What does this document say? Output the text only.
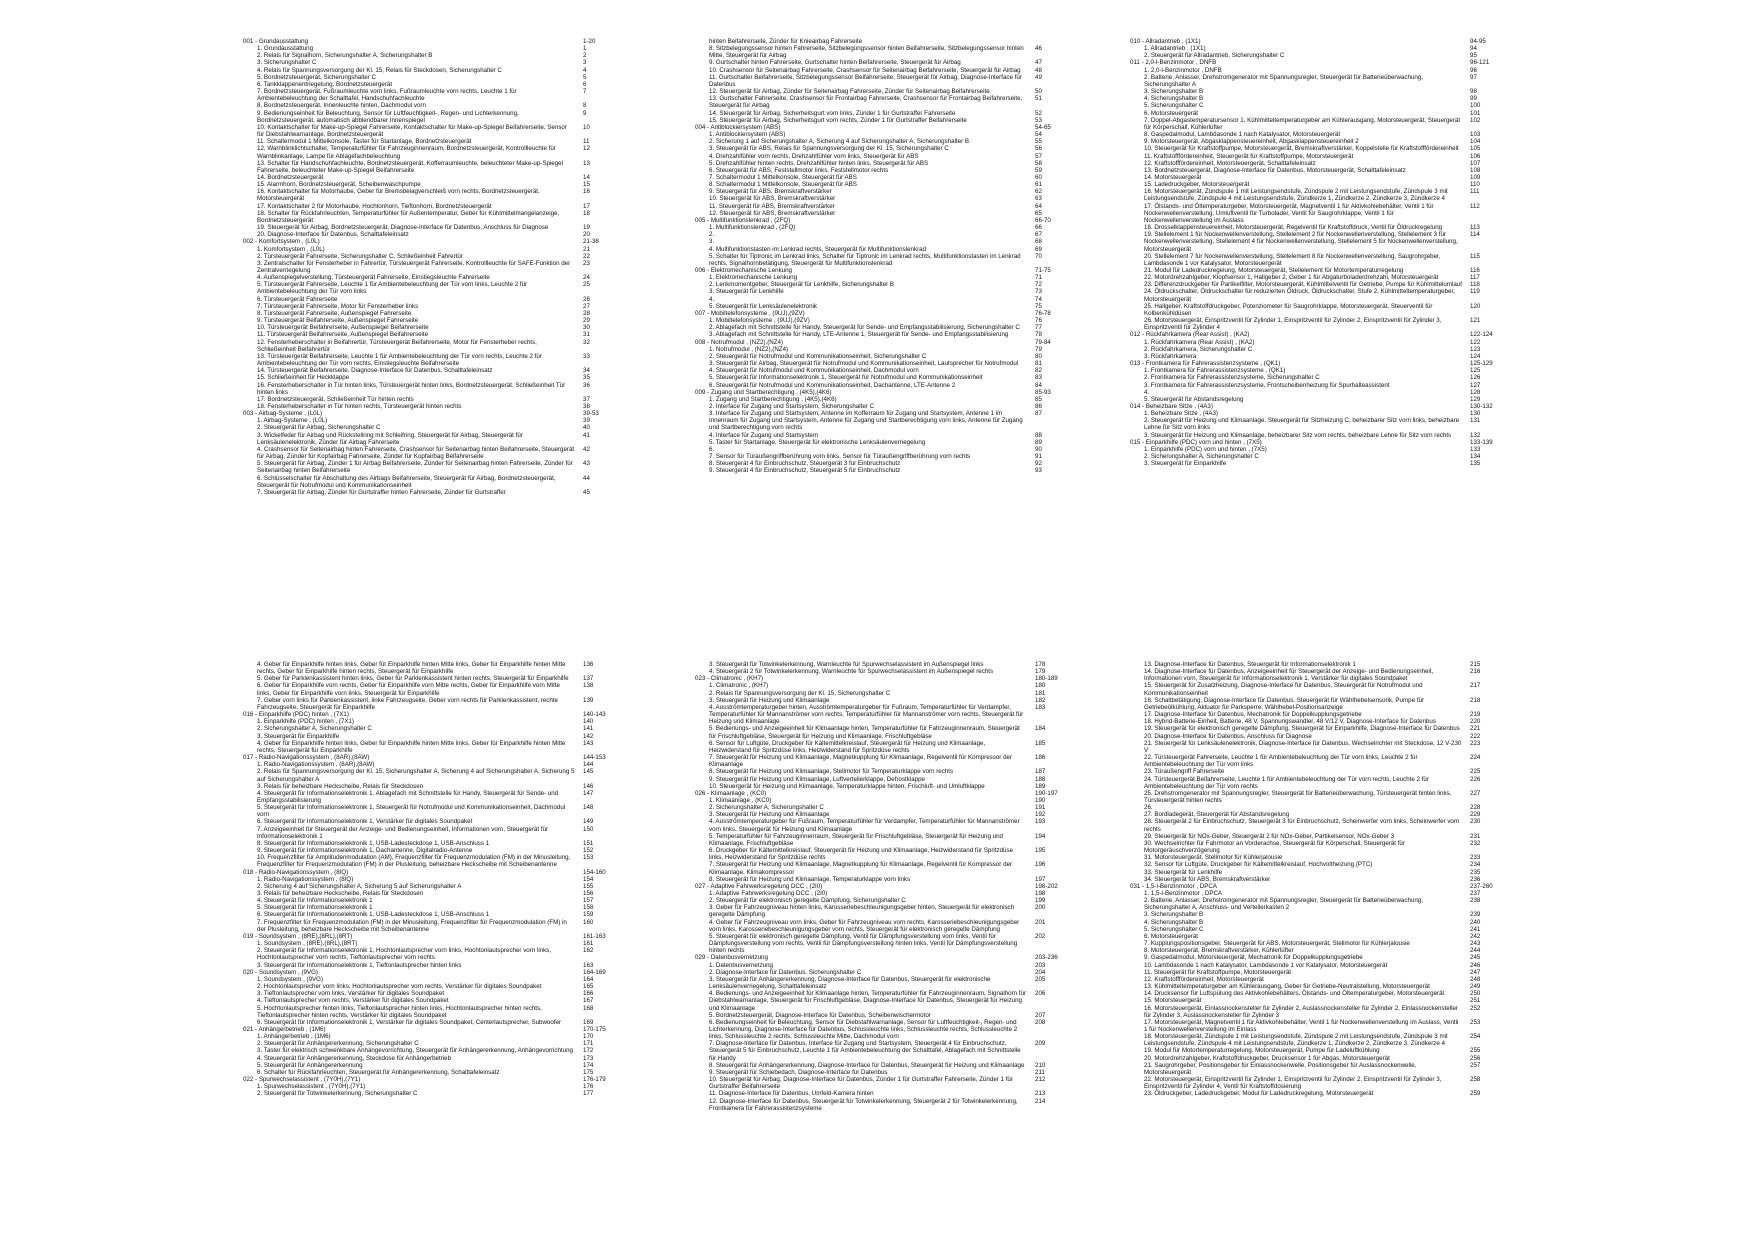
001 - Grundausstattung	1-20
1. Grundausstattung	1
2. Relais für Signalhorn, Sicherungshalter A, Sicherungshalter B	2
3. Sicherungshalter C	3
4. Relais für Spannungsversorgung der Kl. 15, Relais für Steckdosen, Sicherungshalter C	4
5. Bordnetzsteuergerät, Sicherungshalter C	5
6. Tankklappenentriegelung, Bordnetzsteuergerät	6
7. Bordnetzsteuergerät, Fußraumleuchte vorn links, Fußraumleuchte vorn rechts, Leuchte 1 für Ambientebeleuchtung der Schalttafel, Handschuhfachleuchte
7
8. Bordnetzsteuergerät, Innenleuchte hinten, Dachmodul vorn	8
9. Bedienungseinheit für Beleuchtung, Sensor für Luftfeuchtigkeit-, Regen- und Lichterkennung, Bordnetzsteuergerät, automatisch abblendbarer Innenspiegel
9
10. Kontaktschalter für Make-up-Spiegel Fahrerseite, Kontaktschalter für Make-up-Spiegel Beifahrerseite, Sensor für Diebstahlwarnanlage, Bordnetzsteuergerät
10
11. Schaltermodul 1 Mittelkonsole, Taster für Startanlage, Bordnetzsteuergerät	11
12. Warnblinklichtschalter, Temperaturfühler für Fahrzeuginnenraum, Bordnetzsteuergerät, Kontrollleuchte für Warnblinkanlage, Lampe für Ablagefachbeleuchtung
12
13. Schalter für Handschuhfachleuchte, Bordnetzsteuergerät, Kofferraumleuchte, beleuchteter Make-up-Spiegel Fahrerseite, beleuchteter Make-up-Spiegel Beifahrerseite
13
14. Bordnetzsteuergerät	14
15. Alarmhorn, Bordnetzsteuergerät, Scheibenwaschpumpe	15
16. Kontaktschalter für Motorhaube, Geber für Bremsbelagverschleiß vorn rechts, Bordnetzsteuergerät, Motorsteuergerät
16
17. Kontaktschalter 2 für Motorhaube, Hochtonhorn, Tieftonhorn, Bordnetzsteuergerät	17
18. Schalter für Rückfahrleuchten, Temperaturfühler für Außentemperatur, Geber für Kühlmittelmangelanzeige, Bordnetzsteuergerät
18
19. Steuergerät für Airbag, Bordnetzsteuergerät, Diagnose-Interface für Datenbus, Anschluss für Diagnose	19
20. Diagnose-Interface für Datenbus, Schalttafeleinsatz	20
002 - Komfortsystem , (L0L)	21-38
1. Komfortsystem , (L0L)	21
2. Türsteuergerät Fahrerseite, Sicherungshalter C, Schließeinheit Fahrertür	22
3. Zentralschalter für Fensterheber in Fahrertür, Türsteuergerät Fahrerseite, Kontrollleuchte für SAFE-Funktion der Zentralverriegelung
23
4. Außenspiegelverstellung, Türsteuergerät Fahrerseite, Einstiegsleuchte Fahrerseite	24
5. Türsteuergerät Fahrerseite, Leuchte 1 für Ambientebeleuchtung der Tür vorn links, Leuchte 2 für Ambientebeleuchtung der Tür vorn links
25
6. Türsteuergerät Fahrerseite	26
7. Türsteuergerät Fahrerseite, Motor für Fensterheber links	27
8. Türsteuergerät Fahrerseite, Außenspiegel Fahrerseite	28
9. Türsteuergerät Beifahrerseite, Außenspiegel Fahrerseite	29
10. Türsteuergerät Beifahrerseite, Außenspiegel Beifahrerseite	30
11. Türsteuergerät Beifahrerseite, Außenspiegel Beifahrerseite	31
12. Fensterheberschalter in Beifahrertür, Türsteuergerät Beifahrerseite, Motor für Fensterheber rechts, Schließeinheit Beifahrertür
32
13. Türsteuergerät Beifahrerseite, Leuchte 1 für Ambientebeleuchtung der Tür vorn rechts, Leuchte 2 für Ambientebeleuchtung der Tür vorn rechts, Einstiegsleuchte Beifahrerseite
33
14. Türsteuergerät Beifahrerseite, Diagnose-Interface für Datenbus, Schalttafeleinsatz	34
15. Schließeinheit für Heckklappe	35
16. Fensterheberschalter in Tür hinten links, Türsteuergerät hinten links, Bordnetzsteuergerät, Schließeinheit Tür hinten links
36
17. Bordnetzsteuergerät, Schließeinheit Tür hinten rechts	37
18. Fensterheberschalter in Tür hinten rechts, Türsteuergerät hinten rechts	38
003 - Airbag-Systeme , (L0L)	39-53
1. Airbag-Systeme , (L0L)	39
2. Steuergerät für Airbag, Sicherungshalter C	40
3. Wickelfeder für Airbag und Rückstellring mit Schleifring, Steuergerät für Airbag, Steuergerät für Lenksäulenelektronik, Zünder für Airbag Fahrerseite
41
4. Crashsensor für Seitenairbag hinten Fahrerseite, Crashsensor für Seitenairbag hinten Beifahrerseite, Steuergerät für Airbag, Zünder für Kopfairbag Fahrerseite, Zünder für Kopfairbag Beifahrerseite
42
5. Steuergerät für Airbag, Zünder 1 für Airbag Beifahrerseite, Zünder für Seitenairbag hinten Fahrerseite, Zünder für Seitenairbag hinten Beifahrerseite
43
6. Schlüsselschalter für Abschaltung des Airbags Beifahrerseite, Steuergerät für Airbag, Bordnetzsteuergerät, Steuergerät für Notrufmodul und Kommunikationseinheit
44
7. Steuergerät für Airbag, Zünder für Gurtstraffer hinten Fahrerseite, Zünder für Gurtstraffer	45
hinten Beifahrerseite, Zünder für Knieairbag Fahrerseite
8. Sitzbelegungssensor hinten Fahrerseite, Sitzbelegungssensor hinten Beifahrerseite, Sitzbelegungssensor hinten Mitte, Steuergerät für Airbag
46
9. Gurtschalter hinten Fahrerseite, Gurtschalter hinten Beifahrerseite, Steuergerät für Airbag	47
10. Crashsensor für Seitenairbag Fahrerseite, Crashsensor für Seitenairbag Beifahrerseite, Steuergerät für Airbag	48
11. Gurtschalter Beifahrerseite, Sitzbelegungssensor Beifahrerseite, Steuergerät für Airbag, Diagnose-Interface für Datenbus
49
12. Steuergerät für Airbag, Zünder für Seitenairbag Fahrerseite, Zünder für Seitenairbag Beifahrerseite	50
13. Gurtschalter Fahrerseite, Crashsensor für Frontairbag Fahrerseite, Crashsensor für Frontairbag Beifahrerseite, Steuergerät für Airbag
51
14. Steuergerät für Airbag, Sicherheitsgurt vorn links, Zünder 1 für Gurtstraffer Fahrerseite	52
15. Steuergerät für Airbag, Sicherheitsgurt vorn rechts, Zünder 1 für Gurtstraffer Beifahrerseite	53
004 - Antiblockiersystem (ABS)	54-65
1. Antiblockiersystem (ABS)	54
2. Sicherung 1 auf Sicherungshalter A, Sicherung 4 auf Sicherungshalter A, Sicherungshalter B	55
3. Steuergerät für ABS, Relais für Spannungsversorgung der Kl. 15, Sicherungshalter C	56
4. Drehzahlfühler vorn rechts, Drehzahlfühler vorn links, Steuergerät für ABS	57
5. Drehzahlfühler hinten rechts, Drehzahlfühler hinten links, Steuergerät für ABS	58
6. Steuergerät für ABS, Feststellmotor links, Feststellmotor rechts	59
7. Schaltermodul 1 Mittelkonsole, Steuergerät für ABS	60
8. Schaltermodul 1 Mittelkonsole, Steuergerät für ABS	61
9. Steuergerät für ABS, Bremskraftverstärker	62
10. Steuergerät für ABS, Bremskraftverstärker	63
11. Steuergerät für ABS, Bremskraftverstärker	64
12. Steuergerät für ABS, Bremskraftverstärker	65
005 - Multifunktionslenkrad , (2FQ)	66-70
1. Multifunktionslenkrad , (2FQ)	66
2.	67
3.	68
4. Multifunktionstasten im Lenkrad rechts, Steuergerät für Multifunktionslenkrad	69
5. Schalter für Tiptronic im Lenkrad links, Schalter für Tiptronic im Lenkrad rechts, Multifunktionstasten im Lenkrad rechts, Signalhornbetätigung, Steuergerät für Multifunktionslenkrad
70
006 - Elektromechanische Lenkung	71-75
1. Elektromechanische Lenkung	71
2. Lenkmomentgeber, Steuergerät für Lenkhilfe, Sicherungshalter B	72
3. Steuergerät für Lenkhilfe	73
4.	74
5. Steuergerät für Lenksäulenelektronik	75
007 - Mobiltelefonsysteme , (9UJ),(9ZV)	76-78
1. Mobiltelefonsysteme , (9UJ),(9ZV)	76
2. Ablagefach mit Schnittstelle für Handy, Steuergerät für Sende- und Empfangsstabilisierung, Sicherungshalter C	77
3. Ablagefach mit Schnittstelle für Handy, LTE-Antenne 1, Steuergerät für Sende- und Empfangsstabilisierung	78
008 - Notrufmodul , (NZ2),(NZ4)	79-84
1. Notrufmodul , (NZ2),(NZ4)	79
2. Steuergerät für Notrufmodul und Kommunikationseinheit, Sicherungshalter C	80
3. Steuergerät für Airbag, Steuergerät für Notrufmodul und Kommunikationseinheit, Lautsprecher für Notrufmodul	81
4. Steuergerät für Notrufmodul und Kommunikationseinheit, Dachmodul vorn	82
5. Steuergerät für Informationselektronik 1, Steuergerät für Notrufmodul und Kommunikationseinheit	83
6. Steuergerät für Notrufmodul und Kommunikationseinheit, Dachantenne, LTE-Antenne 2	84
009 - Zugang und Startberechtigung , (4K5),(4K6)	85-93
1. Zugang und Startberechtigung , (4K5),(4K6)	85
2. Interface für Zugang und Startsystem, Sicherungshalter C	86
3. Interface für Zugang und Startsystem, Antenne im Kofferraum für Zugang und Startsystem, Antenne 1 im Innenraum für Zugang und Startsystem, Antenne für Zugang und Startberechtigung vorn links, Antenne für Zugang und Startberechtigung vorn rechts
87
4. Interface für Zugang und Startsystem	88
5. Taster für Startanlage, Steuergerät für elektronische Lenksäulenverriegelung	89
6.	90
7. Sensor für Türaußengriffberührung vorn links, Sensor für Türaußengriffberührung vorn rechts	91
8. Steuergerät 4 für Einbruchschutz, Steuergerät 3 für Einbruchschutz	92
9. Steuergerät 4 für Einbruchschutz, Steuergerät 5 für Einbruchschutz	93
010 - Allradantrieb , (1X1)	94-95
1. Allradantrieb , (1X1)	94
2. Steuergerät für Allradantrieb, Sicherungshalter C	95
011 - 2,0-l-Benzinmotor , DNFB	96-121
1. 2,0-l-Benzinmotor , DNFB	96
2. Batterie, Anlasser, Drehstromgenerator mit Spannungsregler, Steuergerät für Batterieüberwachung, Sicherungshalter A
97
3. Sicherungshalter B	98
4. Sicherungshalter B	99
5. Sicherungshalter C	100
6. Motorsteuergerät	101
7. Doppel-Abgastemperatursensor 1, Kühlmitteltemperaturgeber am Kühlerausgang, Motorsteuergerät, Steuergerät für Körperschall, Kühlerlüfter
102
8. Gaspedalmodul, Lambdasonde 1 nach Katalysator, Motorsteuergerät	103
9. Motorsteuergerät, Abgasklappensteuereinheit, Abgasklappensteuereinheit 2	104
10. Steuergerät für Kraftstoffpumpe, Motorsteuergerät, Bremskraftverstärker, Koppelstelle für Kraftstofffördereinheit	105
11. Kraftstofffördereinheit, Steuergerät für Kraftstoffpumpe, Motorsteuergerät	106
12. Kraftstofffördereinheit, Motorsteuergerät, Schalttafeleinsatz	107
13. Bordnetzsteuergerät, Diagnose-Interface für Datenbus, Motorsteuergerät, Schalttafeleinsatz	108
14. Motorsteuergerät	109
15. Ladedruckgeber, Motorsteuergerät	110
16. Motorsteuergerät, Zündspule 1 mit Leistungsendstufe, Zündspule 2 mit Leistungsendstufe, Zündspule 3 mit Leistungsendstufe, Zündspule 4 mit Leistungsendstufe, Zündkerze 1, Zündkerze 2, Zündkerze 3, Zündkerze 4
111
17. Ölstands- und Öltemperaturgeber, Motorsteuergerät, Magnetventil 1 für Aktivkohlebehälter, Ventil 1 für Nockenwellenverstellung, Umluftventil für Turbolader, Ventil für Saugrohrklappe, Ventil 1 für Nockenwellenverstellung im Auslass
112
18. Drosselklappensteuereinheit, Motorsteuergerät, Regelventil für Kraftstoffdruck, Ventil für Öldruckregelung	113
19. Stellelement 1 für Nockenwellenverstellung, Stellelement 2 für Nockenwellenverstellung, Stellelement 3 für Nockenwellenverstellung, Stellelement 4 für Nockenwellenverstellung, Stellelement 5 für Nockenwellenverstellung, Motorsteuergerät
114
20. Stellelement 7 für Nockenwellenverstellung, Stellelement 8 für Nockenwellenverstellung, Saugrohrgeber, Lambdasonde 1 vor Katalysator, Motorsteuergerät
115
21. Modul für Ladedruckregelung, Motorsteuergerät, Stellelement für Motortemperaturregelung	116
22. Motordrehzahlgeber, Klopfsensor 1, Hallgeber 2, Geber 1 für Abgaturboladerdrehzahl, Motorsteuergerät	117
23. Differenzdruckgeber für Partikelfilter, Motorsteuergerät, Kühlmittelventil für Getriebe, Pumpe für Kühlmittelumlauf	118
24. Öldruckschalter, Öldruckschalter für reduzierten Öldruck, Öldruckschalter, Stufe 2, Kühlmitteltemperaturgeber, Motorsteuergerät
119
25. Hallgeber, Kraftstoffdruckgeber, Potenziometer für Saugrohrklappe, Motorsteuergerät, Steuerventil für Kolbenkühldüsen
120
26. Motorsteuergerät, Einspritzventil für Zylinder 1, Einspritzventil für Zylinder 2, Einspritzventil für Zylinder 3, Einspritzventil für Zylinder 4
121
012 - Rückfahrkamera (Rear Assist) , (KA2)	122-124
1. Rückfahrkamera (Rear Assist) , (KA2)	122
2. Rückfahrkamera, Sicherungshalter C	123
3. Rückfahrkamera	124
013 - Frontkamera für Fahrerassistenzsysteme , (QK1)	125-129
1. Frontkamera für Fahrerassistenzsysteme , (QK1)	125
2. Frontkamera für Fahrerassistenzsysteme, Sicherungshalter C	126
3. Frontkamera für Fahrerassistenzsysteme, Frontscheibenheizung für Spurhalteassistent	127
4.	128
5. Steuergerät für Abstandsregelung	129
014 - Beheizbare Sitze , (4A3)	130-132
1. Beheizbare Sitze , (4A3)	130
2. Steuergerät für Heizung und Klimaanlage, Steuergerät für Sitzheizung C, beheizbarer Sitz vorn links, beheizbare Lehne für Sitz vorn links
131
3. Steuergerät für Heizung und Klimaanlage, beheizbarer Sitz vorn rechts, beheizbare Lehne für Sitz vorn rechts	132
015 - Einparkhilfe (PDC) vorn und hinten , (7X5)	133-139
1. Einparkhilfe (PDC) vorn und hinten , (7X5)	133
2. Sicherungshalter A, Sicherungshalter C	134
3. Steuergerät für Einparkhilfe	135
4. Geber für Einparkhilfe hinten links, Geber für Einparkhilfe hinten Mitte links, Geber für Einparkhilfe hinten Mitte rechts, Geber für Einparkhilfe hinten rechts, Steuergerät für Einparkhilfe
136
5. Geber für Parklenkassistent hinten links, Geber für Parklenkassistent hinten rechts, Steuergerät für Einparkhilfe	137
6. Geber für Einparkhilfe vorn rechts, Geber für Einparkhilfe vorn Mitte rechts, Geber für Einparkhilfe vorn Mitte links, Geber für Einparkhilfe vorn links, Steuergerät für Einparkhilfe
138
7. Geber vorn links für Parklenkassistent, linke Fahrzeugseite, Geber vorn rechts für Parklenkassistent, rechte Fahrzeugseite, Steuergerät für Einparkhilfe
139
016 - Einparkhilfe (PDC) hinten , (7X1)	140-143
1. Einparkhilfe (PDC) hinten , (7X1)	140
2. Sicherungshalter A, Sicherungshalter C	141
3. Steuergerät für Einparkhilfe	142
4. Geber für Einparkhilfe hinten links, Geber für Einparkhilfe hinten Mitte links, Geber für Einparkhilfe hinten Mitte rechts, Steuergerät für Einparkhilfe
143
017 - Radio-Navigationssystem , (8AR),(8AW)	144-153
1. Radio-Navigationssystem , (8AR),(8AW)	144
2. Relais für Spannungsversorgung der Kl. 15, Sicherungshalter A, Sicherung 4 auf Sicherungshalter A, Sicherung 5 auf Sicherungshalter A
145
3. Relais für beheizbare Heckscheibe, Relais für Steckdosen	146
4. Steuergerät für Informationselektronik 1, Ablagefach mit Schnittstelle für Handy, Steuergerät für Sende- und Empfangsstabilisierung
147
5. Steuergerät für Informationselektronik 1, Steuergerät für Notrufmodul und Kommunikationseinheit, Dachmodul vorn
148
6. Steuergerät für Informationselektronik 1, Verstärker für digitales Soundpaket	149
7. Anzeigeeinheit für Steuergerät der Anzeige- und Bedienungseinheit, Informationen vorn, Steuergerät für Informationselektronik 1
150
8. Steuergerät für Informationselektronik 1, USB-Ladesteckdose 1, USB-Anschluss 1	151
9. Steuergerät für Informationselektronik 1, Dachantenne, Digitalradio-Antenne	152
10. Frequenzfilter für Amplitudenmodulation (AM), Frequenzfilter für Frequenzmodulation (FM) in der Minusleitung, Frequenzfilter für Frequenzmodulation (FM) in der Plusleitung, beheizbare Heckscheibe mit Scheibenantenne
153
018 - Radio-Navigationssystem , (8IQ)	154-160
1. Radio-Navigationssystem , (8IQ)	154
2. Sicherung 4 auf Sicherungshalter A, Sicherung 5 auf Sicherungshalter A	155
3. Relais für beheizbare Heckscheibe, Relais für Steckdosen	156
4. Steuergerät für Informationselektronik 1	157
5. Steuergerät für Informationselektronik 1	158
6. Steuergerät für Informationselektronik 1, USB-Ladesteckdose 1, USB-Anschluss 1	159
7. Frequenzfilter für Frequenzmodulation (FM) in der Minusleitung, Frequenzfilter für Frequenzmodulation (FM) in der Plusleitung, beheizbare Heckscheibe mit Scheibenantenne
160
019 - Soundsystem , (8RE),(8RL),(8RT)	161-163
1. Soundsystem , (8RE),(8RL),(8RT)	161
2. Steuergerät für Informationselektronik 1, Hochtonlautsprecher vorn links, Hochtonlautsprecher vorn links, Hochtonlautsprecher vorn rechts, Tieftonlautsprecher vorn rechts
162
3. Steuergerät für Informationselektronik 1, Tieftonlautsprecher hinten links	163
020 - Soundsystem , (9VG)	164-169
1. Soundsystem , (9VG)	164
2. Hochtonlautsprecher vorn links, Hochtonlautsprecher vorn rechts, Verstärker für digitales Soundpaket	165
3. Tieftonlautsprecher vorn links, Verstärker für digitales Soundpaket	166
4. Tieftonlautsprecher vorn rechts, Verstärker für digitales Soundpaket	167
5. Hochtonlautsprecher hinten links, Tieftonlautsprecher hinten links, Hochtonlautsprecher hinten rechts, Tieftonlautsprecher hinten rechts, Verstärker für digitales Soundpaket
168
6. Steuergerät für Informationselektronik 1, Verstärker für digitales Soundpaket, Centerlautsprecher, Subwoofer	169
021 - Anhängerbetrieb , (1M6)	170-175
1. Anhängerbetrieb , (1M6)	170
2. Steuergerät für Anhängererkennung, Sicherungshalter C	171
3. Taster für elektrisch schwenkbare Anhängevorrichtung, Steuergerät für Anhängererkennung, Anhängevorrichtung	172
4. Steuergerät für Anhängererkennung, Steckdose für Anhängerbetrieb	173
5. Steuergerät für Anhängererkennung	174
6. Schalter für Rückfahrleuchten, Steuergerät für Anhängererkennung, Schalttafeleinsatz	175
022 - Spurwechselassistent , (7Y0H),(7Y1)	176-179
1. Spurwechselassistent , (7Y0H),(7Y1)	176
2. Steuergerät für Totwinkelerkennung, Sicherungshalter C	177
3. Steuergerät für Totwinkelerkennung, Warnleuchte für Spurwechselassistent im Außenspiegel links	178
4. Steuergerät 2 für Totwinkelerkennung, Warnleuchte für Spurwechselassistent im Außenspiegel rechts	179
023 - Climatronic , (KH7)	180-189
1. Climatronic , (KH7)	180
2. Relais für Spannungsversorgung der Kl. 15, Sicherungshalter C	181
3. Steuergerät für Heizung und Klimaanlage	182
4. Ausströmtemperaturgeber hinten, Ausströmtemperaturgeber für Fußraum, Temperaturfühler für Verdampfer, Temperaturfühler für Mannanströmer vorn rechts, Temperaturfühler für Mannanströmer vorn rechts, Steuergerät für Heizung und Klimaanlage
183
5. Bedienungs- und Anzeigeeinheit für Klimaanlage hinten, Temperaturfühler für Fahrzeuginnenraum, Steuergerät für Frischluftgebläse, Steuergerät für Heizung und Klimaanlage, Frischluftgebläse
184
6. Sensor für Luftgüte, Druckgeber für Kältemittelkreislauf, Steuergerät für Heizung und Klimaanlage, Heizwiderstand für Spritzdüse links, Heizwiderstand für Spritzdüse rechts
185
7. Steuergerät für Heizung und Klimaanlage, Magnetkupplung für Klimaanlage, Regelventil für Kompressor der Klimaanlage
186
8. Steuergerät für Heizung und Klimaanlage, Stellmotor für Temperaturklappe vorn rechts	187
9. Steuergerät für Heizung und Klimaanlage, Luftverteilerklappe, Defrostklappe	188
10. Steuergerät für Heizung und Klimaanlage, Temperaturklappe hinten, Frischluft- und Umluftklappe	189
026 - Klimaanlage , (KC0)	190-197
1. Klimaanlage , (KC0)	190
2. Sicherungshalter A, Sicherungshalter C	191
3. Steuergerät für Heizung und Klimaanlage	192
4. Ausströmtemperaturgeber für Fußraum, Temperaturfühler für Verdampfer, Temperaturfühler für Mannanströmer vorn links, Steuergerät für Heizung und Klimaanlage
193
5. Temperaturfühler für Fahrzeuginnenraum, Steuergerät für Frischluftgebläse, Steuergerät für Heizung und Klimaanlage, Frischluftgebläse
194
6. Druckgeber für Kältemittelkreislauf, Steuergerät für Heizung und Klimaanlage, Heizwiderstand für Spritzdüse links, Heizwiderstand für Spritzdüse rechts
195
7. Steuergerät für Heizung und Klimaanlage, Magnetkupplung für Klimaanlage, Regelventil für Kompressor der Klimaanlage, Klimakompressor
196
8. Steuergerät für Heizung und Klimaanlage, Temperaturklappe vorn links	197
027 - Adaptive Fahrwerksregelung DCC , (2I0)	198-202
1. Adaptive Fahrwerksregelung DCC , (2I0)	198
2. Steuergerät für elektronisch geregelte Dämpfung, Sicherungshalter C	199
3. Geber für Fahrzeugniveau hinten links, Karosseriebeschleunigungsgeber hinten, Steuergerät für elektronisch geregelte Dämpfung
200
4. Geber für Fahrzeugniveau vorn links, Geber für Fahrzeugniveau vorn rechts, Karosseriebeschleunigungsgeber vorn links, Karosseriebeschleunigungsgeber vorn rechts, Steuergerät für elektronisch geregelte Dämpfung
201
5. Steuergerät für elektronisch geregelte Dämpfung, Ventil für Dämpfungsverstellung vorn links, Ventil für Dämpfungsverstellung vorn rechts, Ventil für Dämpfungsverstellung hinten links, Ventil für Dämpfungsverstellung hinten rechts
202
029 - Datenbusvernetzung	203-236
1. Datenbusvernetzung	203
2. Diagnose-Interface für Datenbus, Sicherungshalter C	204
3. Steuergerät für Anhängererkennung, Diagnose-Interface für Datenbus, Steuergerät für elektronische Lenksäulenverriegelung, Schalttafeleinsatz
205
4. Bedienungs- und Anzeigeeinheit für Klimaanlage hinten, Temperaturfühler für Fahrzeuginnenraum, Signalhorn für Diebstahlwarnanlage, Steuergerät für Frischluftgebläse, Diagnose-Interface für Datenbus, Steuergerät für Heizung und Klimaanlage
206
5. Bordnetzsteuergerät, Diagnose-Interface für Datenbus, Scheibenwischermotor	207
6. Bedienungseinheit für Beleuchtung, Sensor für Diebstahlwarnanlage, Sensor für Luftfeuchtigkeit-, Regen- und Lichterkennung, Diagnose-Interface für Datenbus, Schlussleuchte links, Schlussleuchte rechts, Schlussleuchte 2 links, Schlussleuchte 2 rechts, Schlussleuchte Mitte, Dachmodul vorn
208
7. Diagnose-Interface für Datenbus, Interface für Zugang und Startsystem, Steuergerät 4 für Einbruchschutz, Steuergerät 5 für Einbruchschutz, Leuchte 1 für Ambientebeleuchtung der Schalttafel, Ablagefach mit Schnittstelle für Handy
209
8. Steuergerät für Anhängererkennung, Diagnose-Interface für Datenbus, Steuergerät für Heizung und Klimaanlage	210
9. Steuergerät für Schiebedach, Diagnose-Interface für Datenbus	211
10. Steuergerät für Airbag, Diagnose-Interface für Datenbus, Zünder 1 für Gurtstraffer Fahrerseite, Zünder 1 für Gurtstraffer Beifahrerseite
212
11. Diagnose-Interface für Datenbus, Umfeld-Kamera hinten	213
12. Diagnose-Interface für Datenbus, Steuergerät für Totwinkelerkennung, Steuergerät 2 für Totwinkelerkennung, Frontkamera für Fahrerassistenzsysteme
214
13. Diagnose-Interface für Datenbus, Steuergerät für Informationselektronik 1	215
14. Diagnose-Interface für Datenbus, Anzeigeeinheit für Steuergerät der Anzeige- und Bedienungseinheit, Informationen vorn, Steuergerät für Informationselektronik 1, Verstärker für digitales Soundpaket
216
15. Steuergerät für Zusatzheizung, Diagnose-Interface für Datenbus, Steuergerät für Notrufmodul und Kommunikationseinheit
217
16. Schaltbetätigung, Diagnose-Interface für Datenbus, Steuergerät für Wählhebelsensorik, Pumpe für Getriebeölkühlung, Aktuator für Parksperre, Wählhebel-Positionsanzeige
218
17. Diagnose-Interface für Datenbus, Mechatronik für Doppelkupplungsgetriebe	219
18. Hybrid-Batterie-Einheit, Batterie, 48 V, Spannungswandler, 48 V/12 V, Diagnose-Interface für Datenbus	220
19. Steuergerät für elektronisch geregelte Dämpfung, Steuergerät für Einparkhilfe, Diagnose-Interface für Datenbus	221
20. Diagnose-Interface für Datenbus, Anschluss für Diagnose	222
21. Steuergerät für Lenksäulenelektronik, Diagnose-Interface für Datenbus, Wechselrichter mit Steckdose, 12 V-230 V
223
22. Türsteuergerät Fahrerseite, Leuchte 1 für Ambientebeleuchtung der Tür vorn links, Leuchte 2 für Ambientebeleuchtung der Tür vorn links
224
23. Türaußengriff Fahrerseite	225
24. Türsteuergerät Beifahrerseite, Leuchte 1 für Ambientebeleuchtung der Tür vorn rechts, Leuchte 2 für Ambientebeleuchtung der Tür vorn rechts
226
25. Drehstromgenerator mit Spannungsregler, Steuergerät für Batterieüberwachung, Türsteuergerät hinten links, Türsteuergerät hinten rechts
227
26.	228
27. Bordladegerät, Steuergerät für Abstandsregelung	229
28. Steuergerät 2 für Einbruchschutz, Steuergerät 3 für Einbruchschutz, Scheinwerfer vorn links, Scheinwerfer vorn rechts
230
29. Steuergerät für NOx-Geber, Steuergerät 2 für NOx-Geber, Partikelsensor, NOx-Geber 3	231
30. Wechselrichter für Fahrmotor an Vorderachse, Steuergerät für Körperschall, Steuergerät für Motorgeräuschverzögerung
232
31. Motorsteuergerät, Stellmotor für Kühlerjalousie	233
32. Sensor für Luftgüte, Druckgeber für Kältemittelkreislauf, Hochvoltheizung (PTC)	234
33. Steuergerät für Lenkhilfe	235
34. Steuergerät für ABS, Bremskraftverstärker	236
031 - 1,5-l-Benzinmotor , DPCA	237-260
1. 1,5-l-Benzinmotor , DPCA	237
2. Batterie, Anlasser, Drehstromgenerator mit Spannungsregler, Steuergerät für Batterieüberwachung, Sicherungshalter A, Anschluss- und Verteilerkasten 2
238
3. Sicherungshalter B	239
4. Sicherungshalter B	240
5. Sicherungshalter C	241
6. Motorsteuergerät	242
7. Kupplungspositionsgeber, Steuergerät für ABS, Motorsteuergerät, Stellmotor für Kühlerjalousie	243
8. Motorsteuergerät, Bremskraftverstärker, Kühlerlüfter	244
9. Gaspedalmodul, Motorsteuergerät, Mechatronik für Doppelkupplungsgetriebe	245
10. Lambdasonde 1 nach Katalysator, Lambdasonde 1 vor Katalysator, Motorsteuergerät	246
11. Steuergerät für Kraftstoffpumpe, Motorsteuergerät	247
12. Kraftstofffördereinheit, Motorsteuergerät	248
13. Kühlmitteltemperaturgeber am Kühlerausgang, Geber für Getriebe-Neutralstellung, Motorsteuergerät	249
14. Drucksensor für Luftspülung des Aktivkohlebehälters, Ölstands- und Öltemperaturgeber, Motorsteuergerät	250
15. Motorsteuergerät	251
16. Motorsteuergerät, Einlassnockensteller für Zylinder 2, Auslassnockensteller für Zylinder 2, Einlassnockensteller für Zylinder 3, Auslassnockensteller für Zylinder 3
252
17. Motorsteuergerät, Magnetventil 1 für Aktivkohlebehälter, Ventil 1 für Nockenwellenverstellung im Auslass, Ventil 1 für Nockenwellenverstellung im Einlass
253
18. Motorsteuergerät, Zündspule 1 mit Leistungsendstufe, Zündspule 2 mit Leistungsendstufe, Zündspule 3 mit Leistungsendstufe, Zündspule 4 mit Leistungsendstufe, Zündkerze 1, Zündkerze 2, Zündkerze 3, Zündkerze 4
254
19. Modul für Motortemperaturregelung, Motorsteuergerät, Pumpe für Ladeluftkühlung	255
20. Motordrehzahlgeber, Kraftstoffdruckgeber, Drucksensor 1 für Abgas, Motorsteuergerät	256
21. Saugrohrgeber, Positionsgeber für Einlassnockenwelle, Positionsgeber für Auslassnockenwelle, Motorsteuergerät
257
22. Motorsteuergerät, Einspritzventil für Zylinder 1, Einspritzventil für Zylinder 2, Einspritzventil für Zylinder 3, Einspritzventil für Zylinder 4, Ventil für Kraftstoffdosierung
258
23. Öldruckgeber, Ladedruckgeber, Modul für Ladedruckregelung, Motorsteuergerät	259
